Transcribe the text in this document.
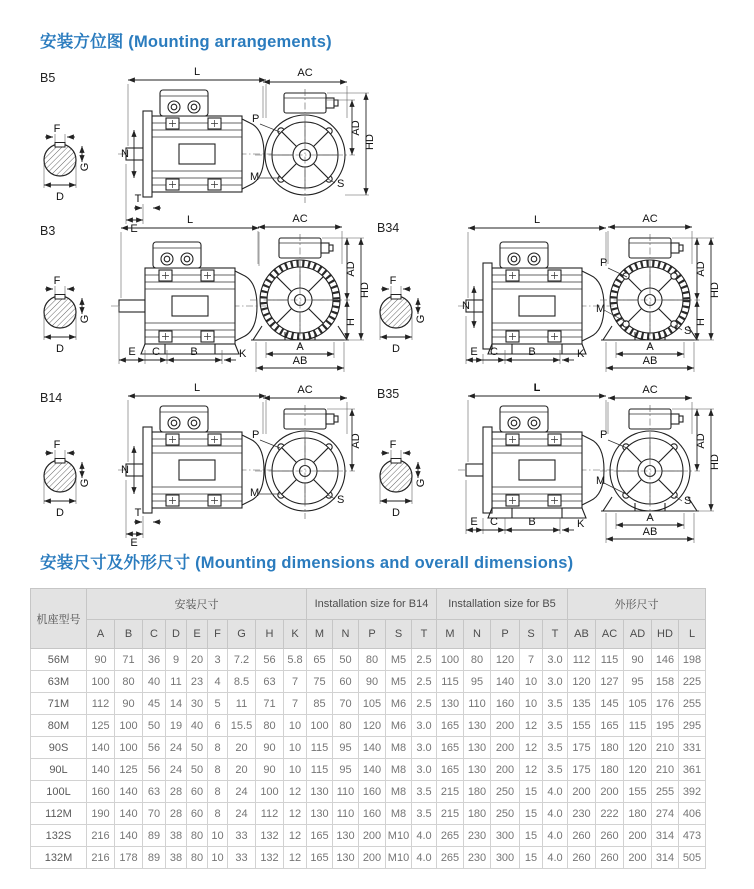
安装方位图 (Mounting arrangements)
B5
F
G
D
L
N
T
E
AC
AD
HD
P
M
S
B3
F
G
D
L
E C	B	K
AC
AD
HD
H
A
AB
B34
F
G
D
L
N
E C	B	K
AC
AD
HD
H
A
AB
P
M
S
B14
F
G
D
L
N
T
E
AC
AD
P
M
S
B35
F
G
D
L
E C	B	K
AC
AD
HD
A
AB
P
M
S
安装尺寸及外形尺寸 (Mounting dimensions and overall dimensions)
机座型号	安装尺寸									Installation size for B14					Installation size for B5					外形尺寸				
	A	B	C	D	E	F	G	H	K	M	N	P	S	T	M	N	P	S	T	AB	AC	AD	HD	L
56M	90	71	36	9	20	3	7.2	56	5.8	65	50	80	M5	2.5	100	80	120	7	3.0	112	115	90	146	198
63M	100	80	40	11	23	4	8.5	63	7	75	60	90	M5	2.5	115	95	140	10	3.0	120	127	95	158	225
71M	112	90	45	14	30	5	11	71	7	85	70	105	M6	2.5	130	110	160	10	3.5	135	145	105	176	255
80M	125	100	50	19	40	6	15.5	80	10	100	80	120	M6	3.0	165	130	200	12	3.5	155	165	115	195	295
90S	140	100	56	24	50	8	20	90	10	115	95	140	M8	3.0	165	130	200	12	3.5	175	180	120	210	331
90L	140	125	56	24	50	8	20	90	10	115	95	140	M8	3.0	165	130	200	12	3.5	175	180	120	210	361
100L	160	140	63	28	60	8	24	100	12	130	110	160	M8	3.5	215	180	250	15	4.0	200	200	155	255	392
112M	190	140	70	28	60	8	24	112	12	130	110	160	M8	3.5	215	180	250	15	4.0	230	222	180	274	406
132S	216	140	89	38	80	10	33	132	12	165	130	200	M10	4.0	265	230	300	15	4.0	260	260	200	314	473
132M	216	178	89	38	80	10	33	132	12	165	130	200	M10	4.0	265	230	300	15	4.0	260	260	200	314	505
